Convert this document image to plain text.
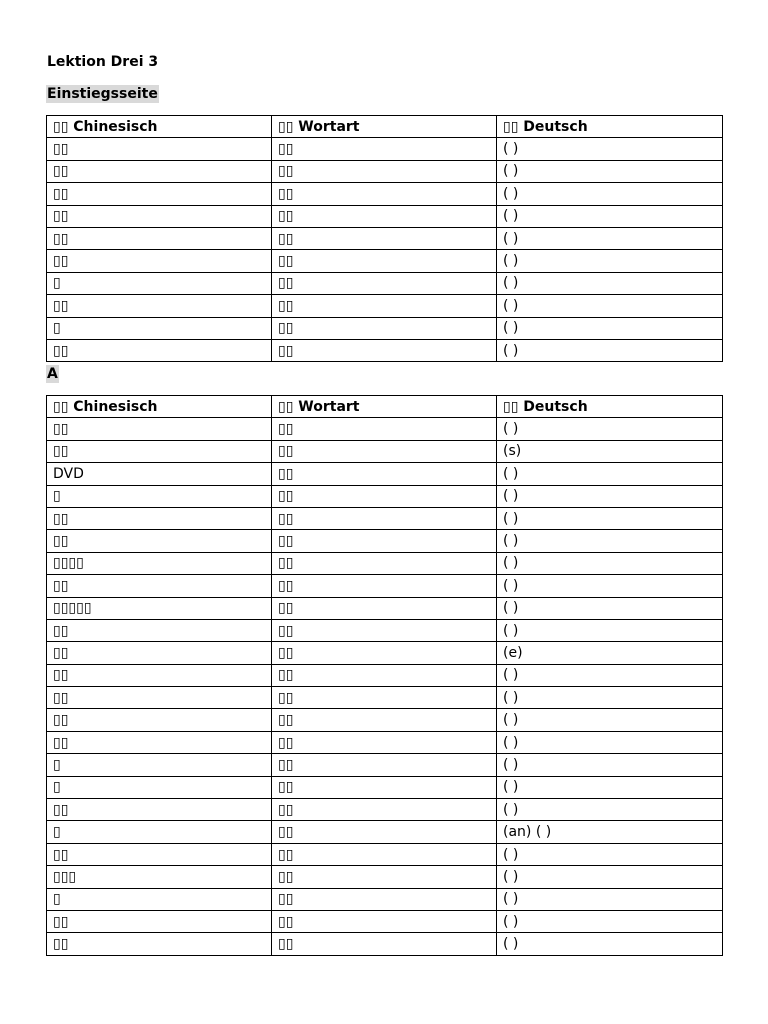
Lektion Drei 3
Einstiegsseite
▯▯ Chinesisch	▯▯ Wortart	▯▯ Deutsch
▯▯	▯▯	( )
▯▯	▯▯	( )
▯▯	▯▯	( )
▯▯	▯▯	( )
▯▯	▯▯	( )
▯▯	▯▯	( )
▯	▯▯	( )
▯▯	▯▯	( )
▯	▯▯	( )
▯▯	▯▯	( )
A
▯▯ Chinesisch	▯▯ Wortart	▯▯ Deutsch
▯▯	▯▯	( )
▯▯	▯▯	(s)
DVD	▯▯	( )
▯	▯▯	( )
▯▯	▯▯	( )
▯▯	▯▯	( )
▯▯▯▯	▯▯	( )
▯▯	▯▯	( )
▯▯▯▯▯	▯▯	( )
▯▯	▯▯	( )
▯▯	▯▯	(e)
▯▯	▯▯	( )
▯▯	▯▯	( )
▯▯	▯▯	( )
▯▯	▯▯	( )
▯	▯▯	( )
▯	▯▯	( )
▯▯	▯▯	( )
▯	▯▯	(an) ( )
▯▯	▯▯	( )
▯▯▯	▯▯	( )
▯	▯▯	( )
▯▯	▯▯	( )
▯▯	▯▯	( )
